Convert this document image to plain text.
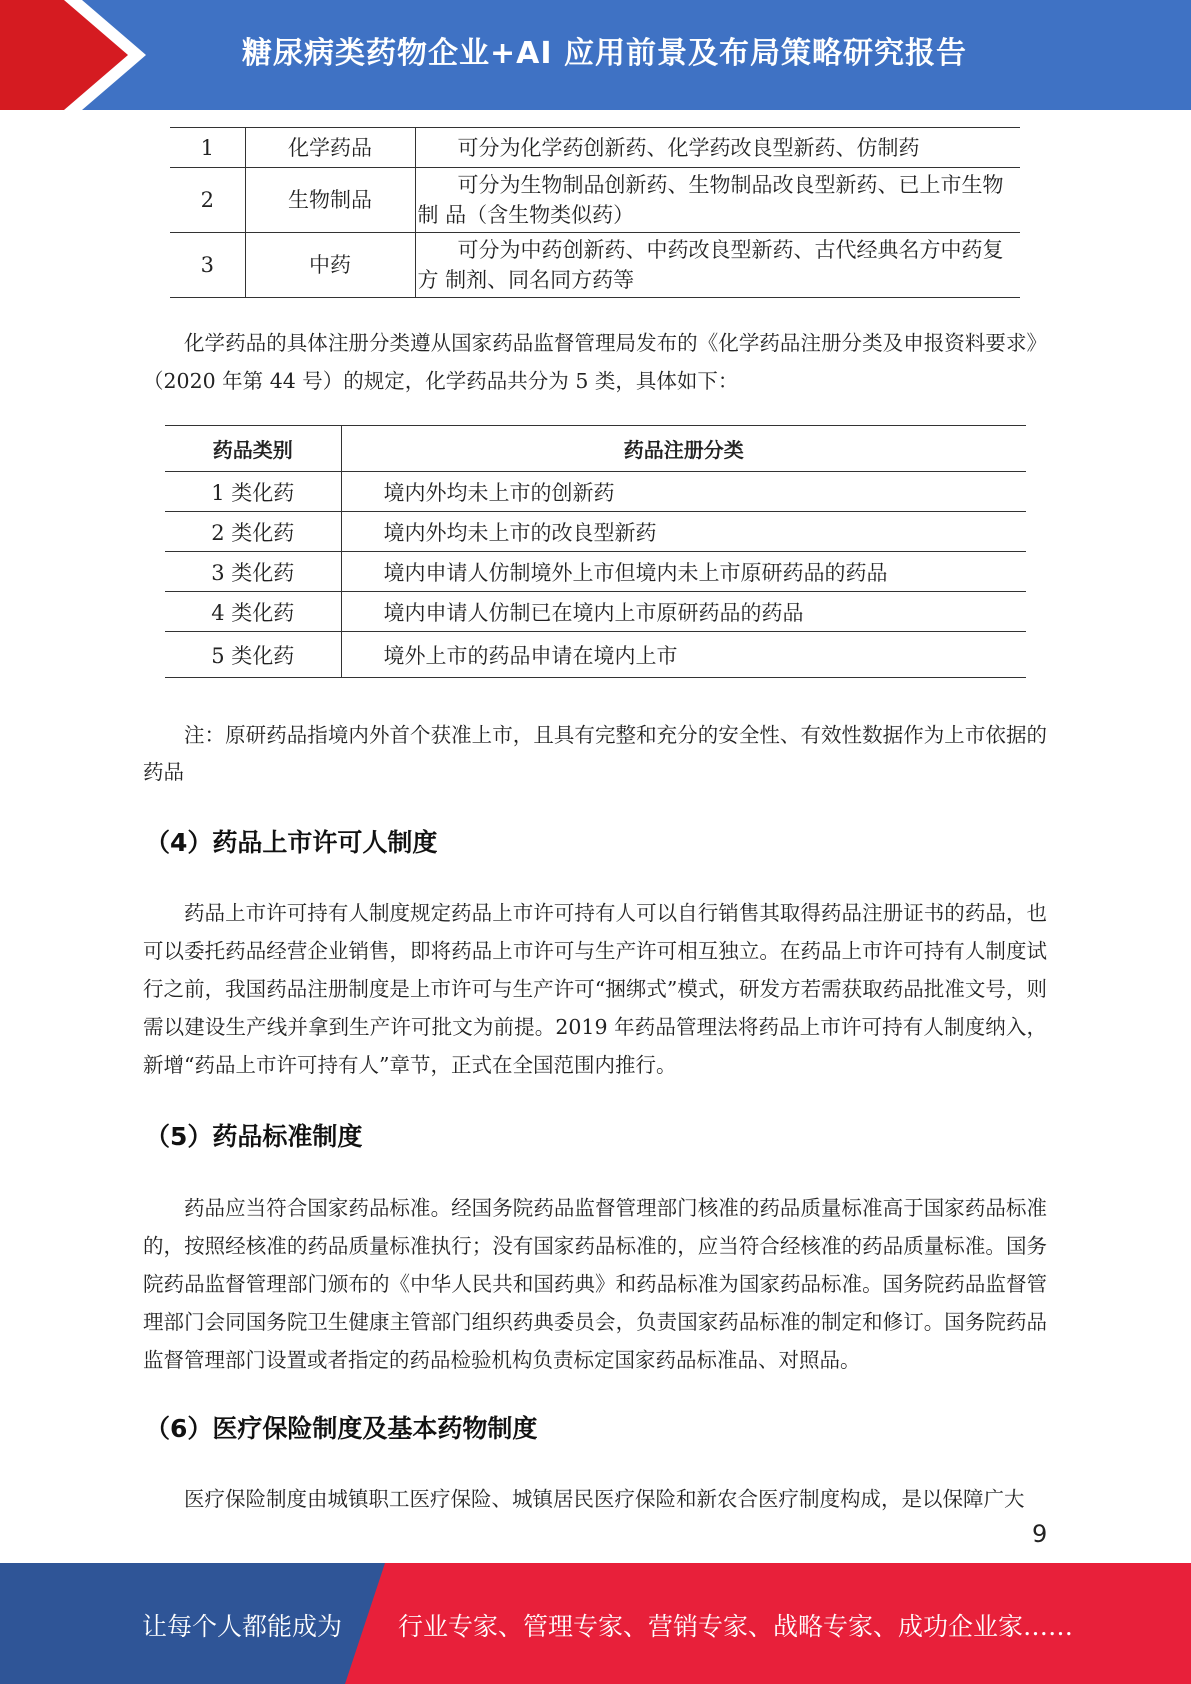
糖尿病类药物企业+AI 应用前景及布局策略研究报告
1	化学药品	可分为化学药创新药、化学药改良型新药、仿制药
2	生物制品	可分为生物制品创新药、生物制品改良型新药、已上市生物制 品（含生物类似药）
3	中药	可分为中药创新药、中药改良型新药、古代经典名方中药复方 制剂、同名同方药等

化学药品的具体注册分类遵从国家药品监督管理局发布的《化学药品注册分类及申报资料要求》（2020 年第 44 号）的规定，化学药品共分为 5 类，具体如下：

药品类别	药品注册分类
1 类化药	境内外均未上市的创新药
2 类化药	境内外均未上市的改良型新药
3 类化药	境内申请人仿制境外上市但境内未上市原研药品的药品
4 类化药	境内申请人仿制已在境内上市原研药品的药品
5 类化药	境外上市的药品申请在境内上市

注：原研药品指境内外首个获准上市，且具有完整和充分的安全性、有效性数据作为上市依据的药品

（4）药品上市许可人制度

药品上市许可持有人制度规定药品上市许可持有人可以自行销售其取得药品注册证书的药品，也可以委托药品经营企业销售，即将药品上市许可与生产许可相互独立。在药品上市许可持有人制度试行之前，我国药品注册制度是上市许可与生产许可“捆绑式”模式，研发方若需获取药品批准文号，则需以建设生产线并拿到生产许可批文为前提。2019 年药品管理法将药品上市许可持有人制度纳入，新增“药品上市许可持有人”章节，正式在全国范围内推行。

（5）药品标准制度

药品应当符合国家药品标准。经国务院药品监督管理部门核准的药品质量标准高于国家药品标准的，按照经核准的药品质量标准执行；没有国家药品标准的，应当符合经核准的药品质量标准。国务院药品监督管理部门颁布的《中华人民共和国药典》和药品标准为国家药品标准。国务院药品监督管理部门会同国务院卫生健康主管部门组织药典委员会，负责国家药品标准的制定和修订。国务院药品监督管理部门设置或者指定的药品检验机构负责标定国家药品标准品、对照品。

（6）医疗保险制度及基本药物制度

医疗保险制度由城镇职工医疗保险、城镇居民医疗保险和新农合医疗制度构成，是以保障广大

9
让每个人都能成为 行业专家、管理专家、营销专家、战略专家、成功企业家……
